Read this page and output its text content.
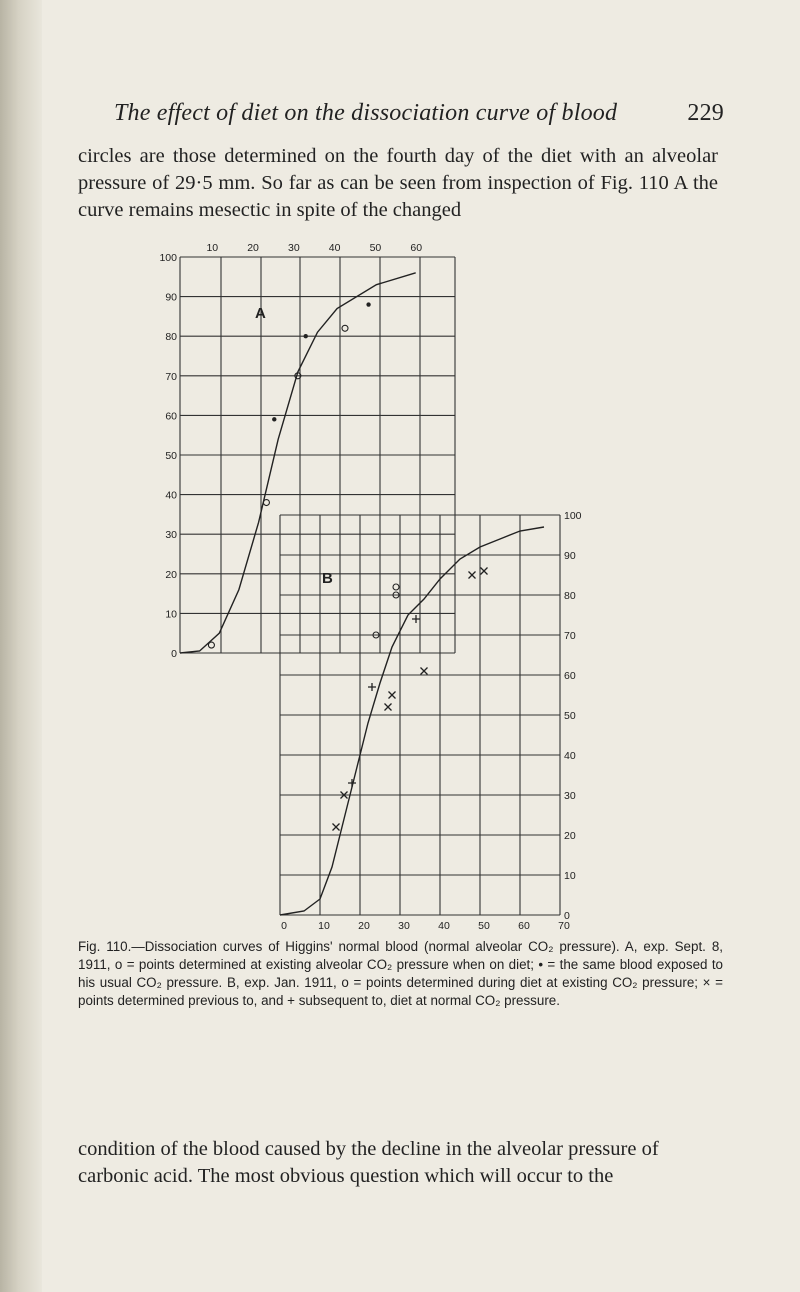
The effect of diet on the dissociation curve of blood	229

circles are those determined on the fourth day of the diet with an alveolar pressure of 29·5 mm. So far as can be seen from inspection of Fig. 110 A the curve remains mesectic in spite of the changed

100
90
80
70
60
50
40
30
20
10
0
10	20	30	40	50	60
A
100
90
80
70
60
50
40
30
20
10
0
0	10	20	30	40	50	60	70
B

Fig. 110.—Dissociation curves of Higgins' normal blood (normal alveolar CO₂ pressure). A, exp. Sept. 8, 1911, o = points determined at existing alveolar CO₂ pressure when on diet; • = the same blood exposed to his usual CO₂ pressure. B, exp. Jan. 1911, o = points determined during diet at existing CO₂ pressure; × = points determined previous to, and + subsequent to, diet at normal CO₂ pressure.

condition of the blood caused by the decline in the alveolar pressure of carbonic acid. The most obvious question which will occur to the
